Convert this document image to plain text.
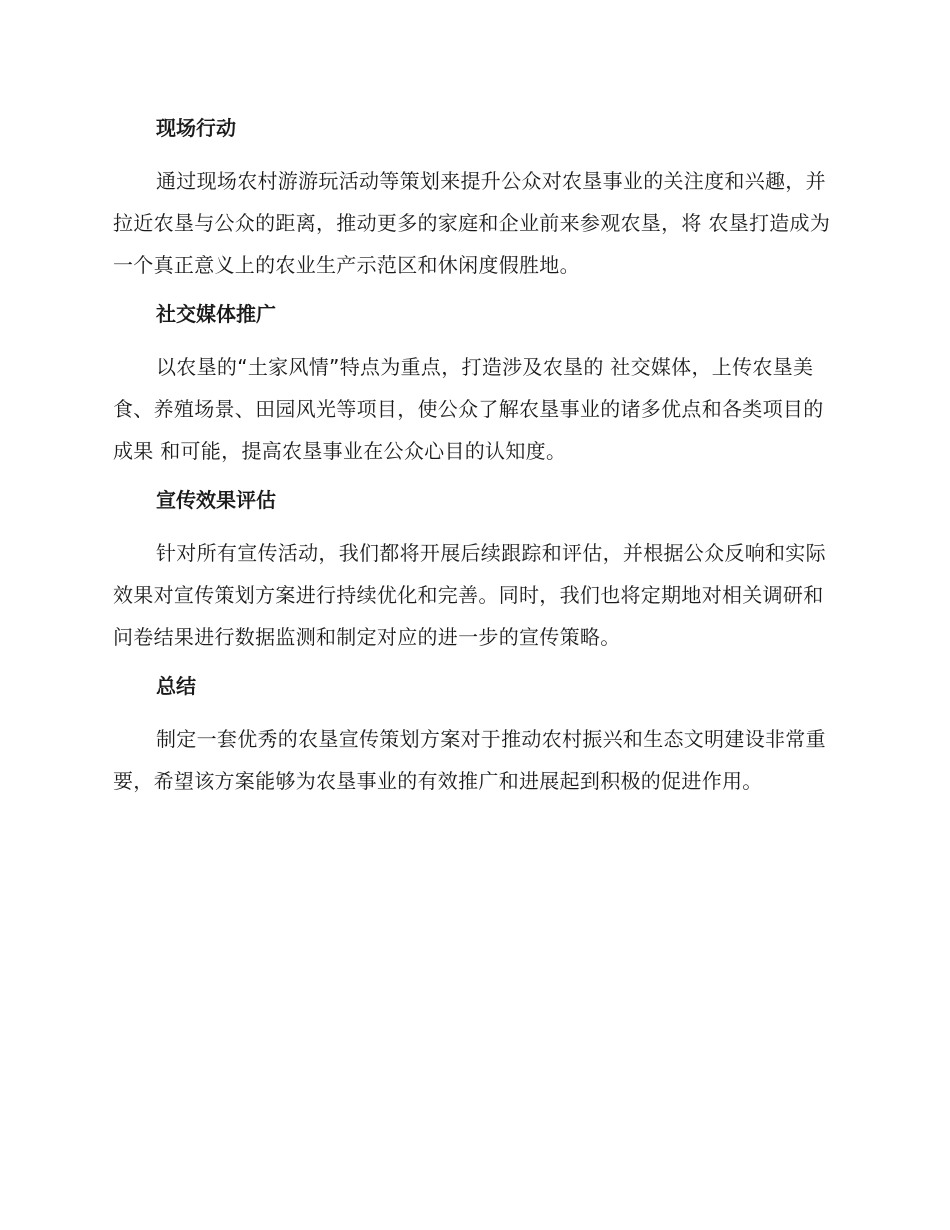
现场行动

通过现场农村游游玩活动等策划来提升公众对农垦事业的关注度和兴趣，并拉近农垦与公众的距离，推动更多的家庭和企业前来参观农垦，将 农垦打造成为一个真正意义上的农业生产示范区和休闲度假胜地。

社交媒体推广

以农垦的“土家风情”特点为重点，打造涉及农垦的 社交媒体，上传农垦美食、养殖场景、田园风光等项目，使公众了解农垦事业的诸多优点和各类项目的 成果 和可能，提高农垦事业在公众心目的认知度。

宣传效果评估

针对所有宣传活动，我们都将开展后续跟踪和评估，并根据公众反响和实际效果对宣传策划方案进行持续优化和完善。同时，我们也将定期地对相关调研和问卷结果进行数据监测和制定对应的进一步的宣传策略。

总结

制定一套优秀的农垦宣传策划方案对于推动农村振兴和生态文明建设非常重要，希望该方案能够为农垦事业的有效推广和进展起到积极的促进作用。
